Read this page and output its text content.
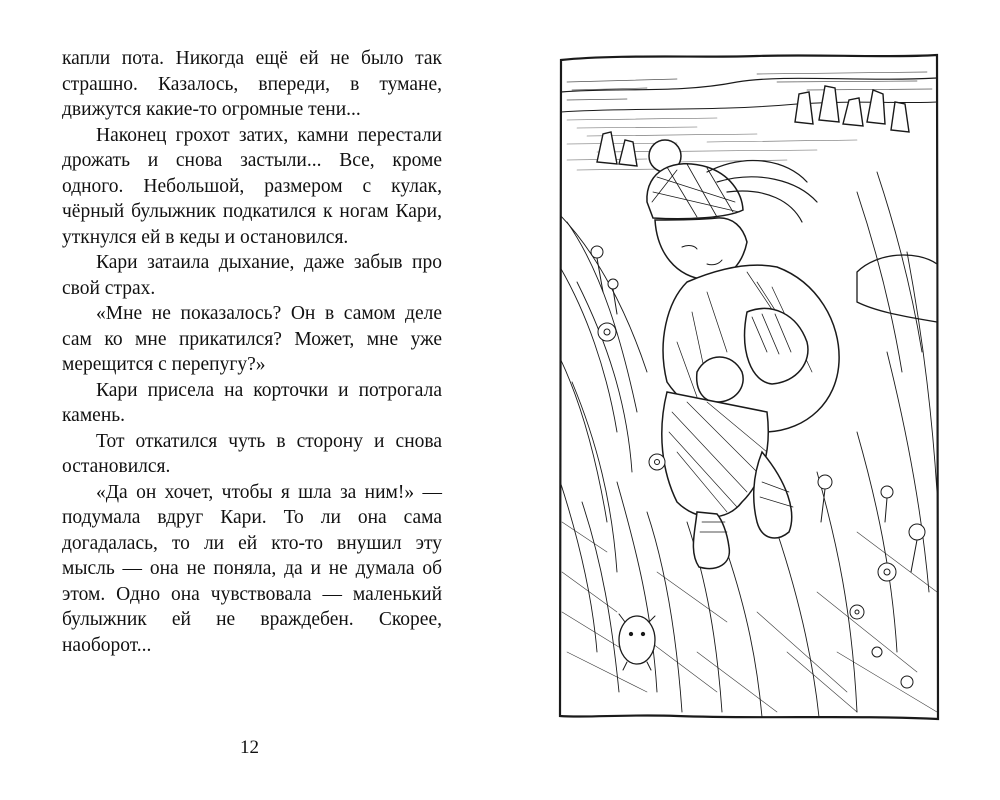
капли пота. Никогда ещё ей не было так страшно. Казалось, впереди, в тумане, движутся какие-то огромные тени...

Наконец грохот затих, камни перестали дрожать и снова застыли... Все, кроме одного. Небольшой, размером с кулак, чёрный булыжник подкатился к ногам Кари, уткнулся ей в кеды и остановился.

Кари затаила дыхание, даже забыв про свой страх.

«Мне не показалось? Он в самом деле сам ко мне прикатился? Может, мне уже мерещится с перепугу?»

Кари присела на корточки и потрогала камень.

Тот откатился чуть в сторону и снова остановился.

«Да он хочет, чтобы я шла за ним!» — подумала вдруг Кари. То ли она сама догадалась, то ли ей кто-то внушил эту мысль — она не поняла, да и не думала об этом. Одно она чувствовала — маленький булыжник ей не враждебен. Скорее, наоборот...

12
